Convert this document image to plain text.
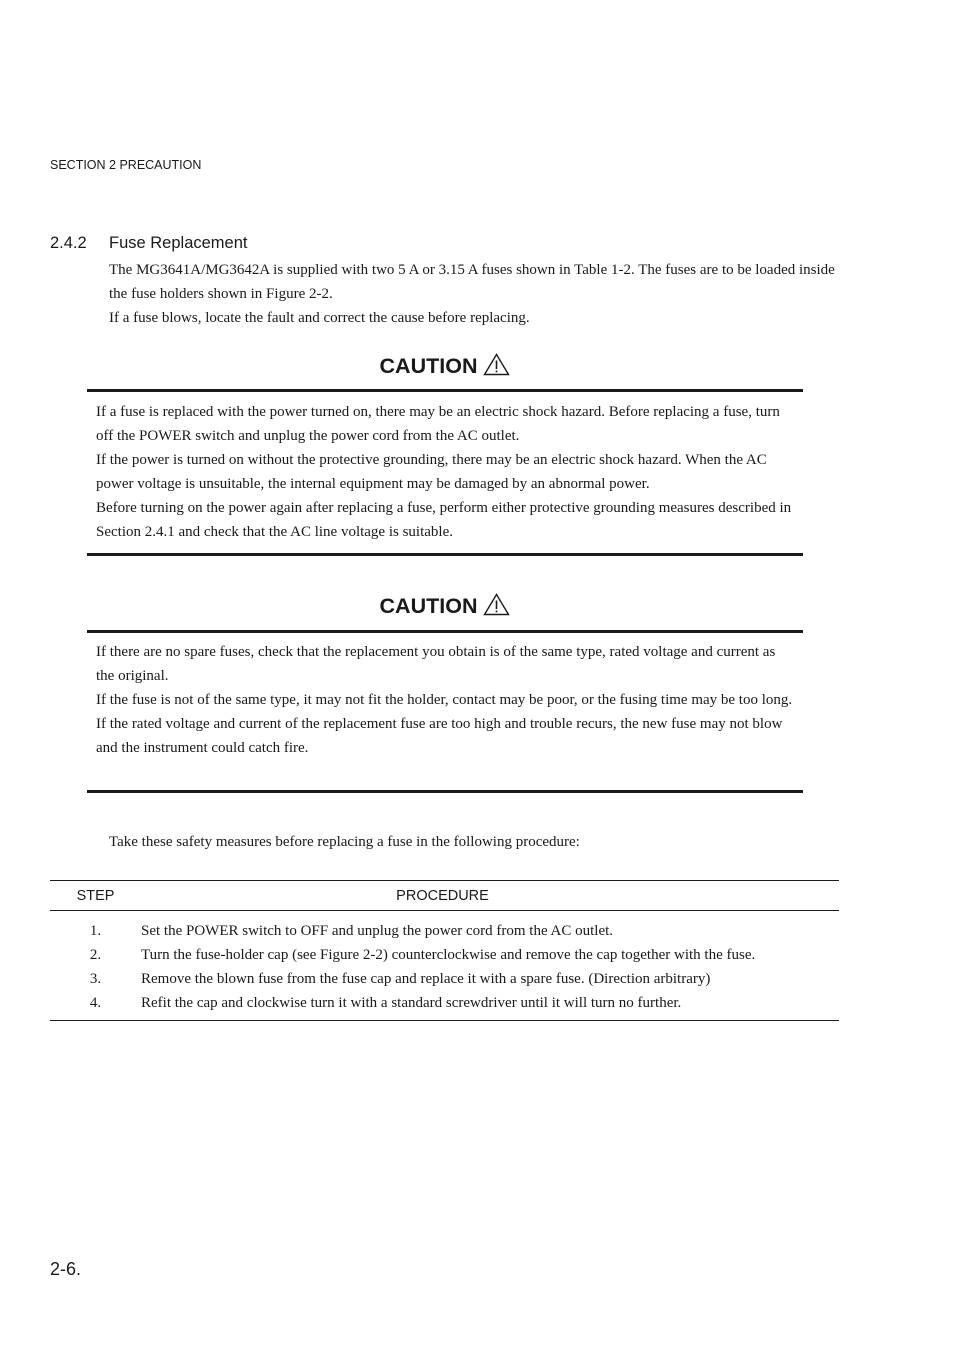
SECTION 2 PRECAUTION
2.4.2 Fuse Replacement

The MG3641A/MG3642A is supplied with two 5 A or 3.15 A fuses shown in Table 1-2. The fuses are to be loaded inside the fuse holders shown in Figure 2-2.

If a fuse blows, locate the fault and correct the cause before replacing.

CAUTION

If a fuse is replaced with the power turned on, there may be an electric shock hazard. Before replacing a fuse, turn off the POWER switch and unplug the power cord from the AC outlet.

If the power is turned on without the protective grounding, there may be an electric shock hazard. When the AC power voltage is unsuitable, the internal equipment may be damaged by an abnormal power.

Before turning on the power again after replacing a fuse, perform either protective grounding measures described in Section 2.4.1 and check that the AC line voltage is suitable.

CAUTION

If there are no spare fuses, check that the replacement you obtain is of the same type, rated voltage and current as the original.

If the fuse is not of the same type, it may not fit the holder, contact may be poor, or the fusing time may be too long.

If the rated voltage and current of the replacement fuse are too high and trouble recurs, the new fuse may not blow and the instrument could catch fire.

Take these safety measures before replacing a fuse in the following procedure:
STEP	PROCEDURE
1.	Set the POWER switch to OFF and unplug the power cord from the AC outlet.
2.	Turn the fuse-holder cap (see Figure 2-2) counterclockwise and remove the cap together with the fuse.
3.	Remove the blown fuse from the fuse cap and replace it with a spare fuse. (Direction arbitrary)
4.	Refit the cap and clockwise turn it with a standard screwdriver until it will turn no further.
2-6.
